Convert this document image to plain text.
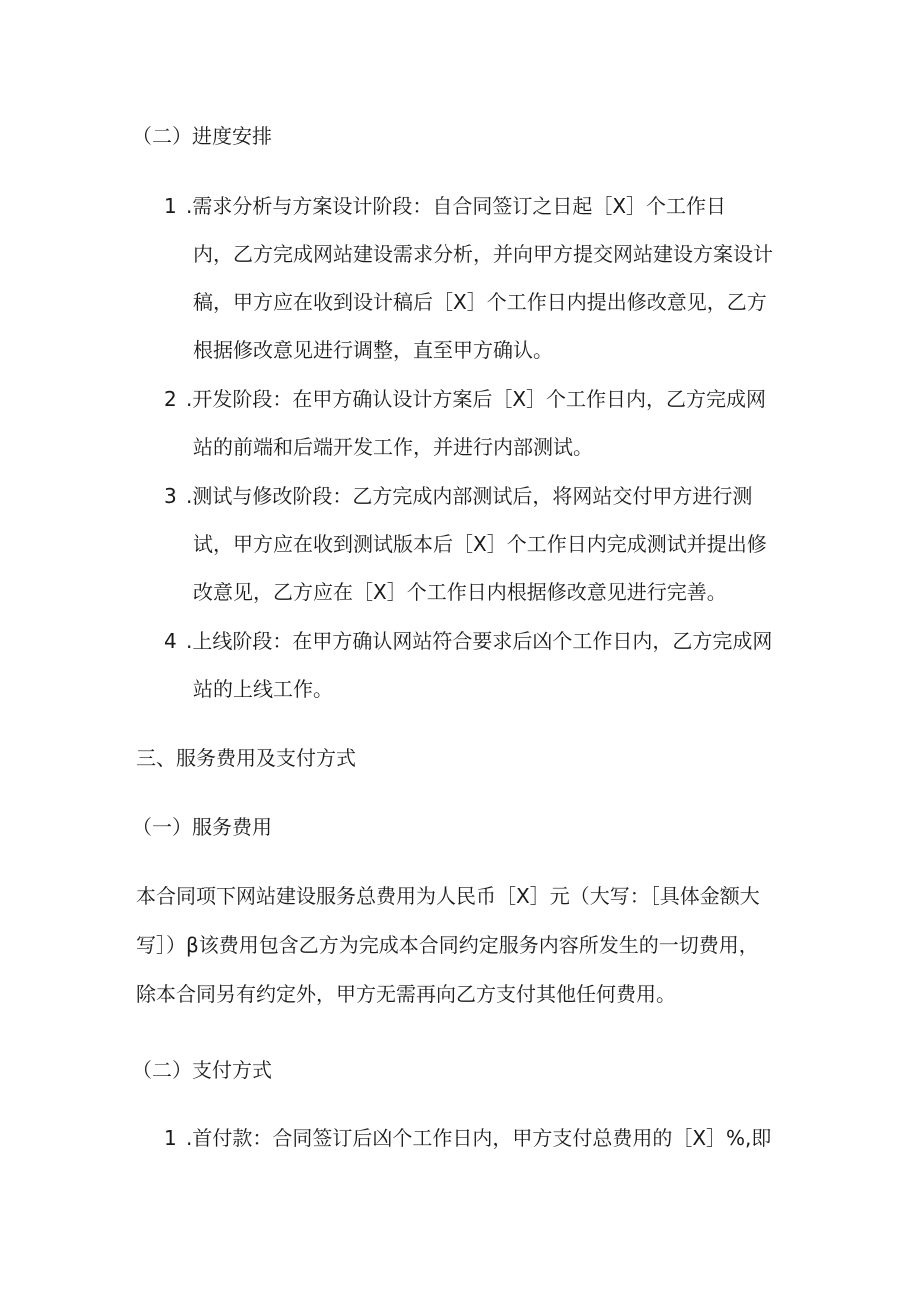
（二）进度安排
1 .需求分析与方案设计阶段：自合同签订之日起［X］个工作日
内，乙方完成网站建设需求分析，并向甲方提交网站建设方案设计
稿，甲方应在收到设计稿后［X］个工作日内提出修改意见，乙方
根据修改意见进行调整，直至甲方确认。
2 .开发阶段：在甲方确认设计方案后［X］个工作日内，乙方完成网
站的前端和后端开发工作，并进行内部测试。
3 .测试与修改阶段：乙方完成内部测试后，将网站交付甲方进行测
试，甲方应在收到测试版本后［X］个工作日内完成测试并提出修
改意见，乙方应在［X］个工作日内根据修改意见进行完善。
4 .上线阶段：在甲方确认网站符合要求后凶个工作日内，乙方完成网
站的上线工作。
三、服务费用及支付方式
（一）服务费用
本合同项下网站建设服务总费用为人民币［X］元（大写：［具体金额大
写］）β该费用包含乙方为完成本合同约定服务内容所发生的一切费用，
除本合同另有约定外，甲方无需再向乙方支付其他任何费用。
（二）支付方式
1 .首付款：合同签订后凶个工作日内，甲方支付总费用的［X］%,即
